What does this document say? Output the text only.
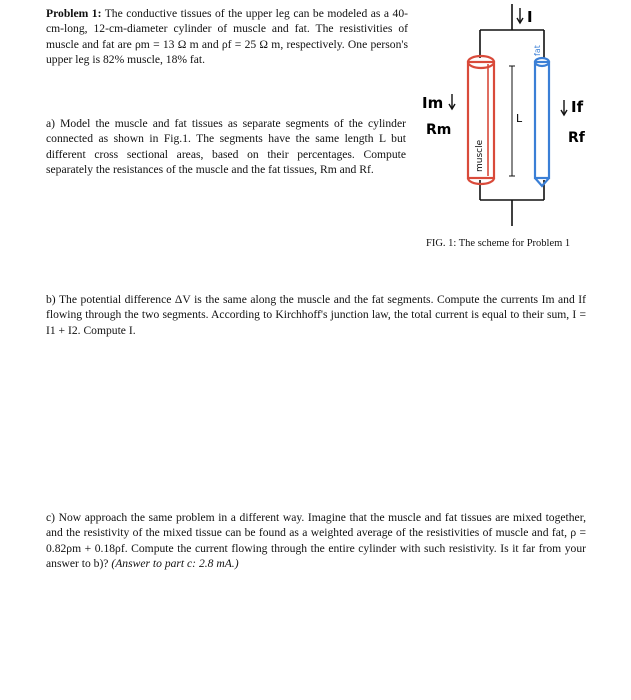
Problem 1: The conductive tissues of the upper leg can be modeled as a 40-cm-long, 12-cm-diameter cylinder of muscle and fat. The resistivities of muscle and fat are ρm = 13 Ω m and ρf = 25 Ω m, respectively. One person's upper leg is 82% muscle, 18% fat.
a) Model the muscle and fat tissues as separate segments of the cylinder connected as shown in Fig.1. The segments have the same length L but different cross sectional areas, based on their percentages. Compute separately the resistances of the muscle and the fat tissues, Rm and Rf.
I
muscle
fat
L
Im
Rm
If
Rf
FIG. 1: The scheme for Problem 1
b) The potential difference ΔV is the same along the muscle and the fat segments. Compute the currents Im and If flowing through the two segments. According to Kirchhoff's junction law, the total current is equal to their sum, I = I1 + I2. Compute I.
c) Now approach the same problem in a different way. Imagine that the muscle and fat tissues are mixed together, and the resistivity of the mixed tissue can be found as a weighted average of the resistivities of muscle and fat, ρ = 0.82ρm + 0.18ρf. Compute the current flowing through the entire cylinder with such resistivity. Is it far from your answer to b)? (Answer to part c: 2.8 mA.)
